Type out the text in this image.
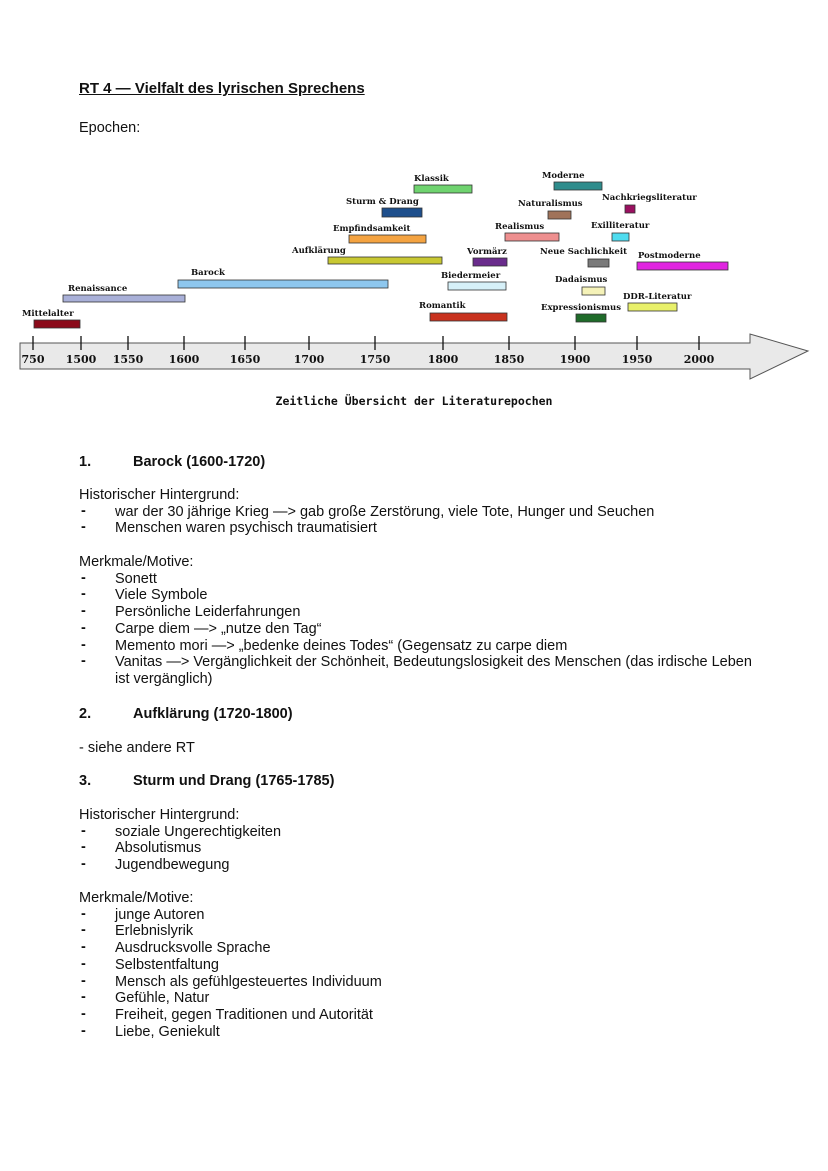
RT 4 — Vielfalt des lyrischen Sprechens
Epochen:
750 1500 1550 1600	1650	1700	1750	1800	1850	1900	1950	2000
Mittelalter
Renaissance
Barock
Aufklärung
Empfindsamkeit
Sturm & Drang
Klassik
Romantik
Biedermeier
Vormärz
Realismus
Naturalismus
Moderne
Neue Sachlichkeit
Dadaismus
Expressionismus
Nachkriegsliteratur
Exilliteratur
Postmoderne
DDR-Literatur
Zeitliche Übersicht der Literaturepochen
1.	Barock (1600-1720)

Historischer Hintergrund:

- war der 30 jährige Krieg —> gab große Zerstörung, viele Tote, Hunger und Seuchen
- Menschen waren psychisch traumatisiert

Merkmale/Motive:

- Sonett
- Viele Symbole
- Persönliche Leiderfahrungen
- Carpe diem —> „nutze den Tag“
- Memento mori —> „bedenke deines Todes“ (Gegensatz zu carpe diem
- Vanitas —> Vergänglichkeit der Schönheit, Bedeutungslosigkeit des Menschen (das irdische Leben ist vergänglich)
2.	Aufklärung (1720-1800)
- siehe andere RT
3.	Sturm und Drang (1765-1785)

Historischer Hintergrund:

- soziale Ungerechtigkeiten
- Absolutismus
- Jugendbewegung

Merkmale/Motive:

- junge Autoren
- Erlebnislyrik
- Ausdrucksvolle Sprache
- Selbstentfaltung
- Mensch als gefühlgesteuertes Individuum
- Gefühle, Natur
- Freiheit, gegen Traditionen und Autorität
- Liebe, Geniekult
